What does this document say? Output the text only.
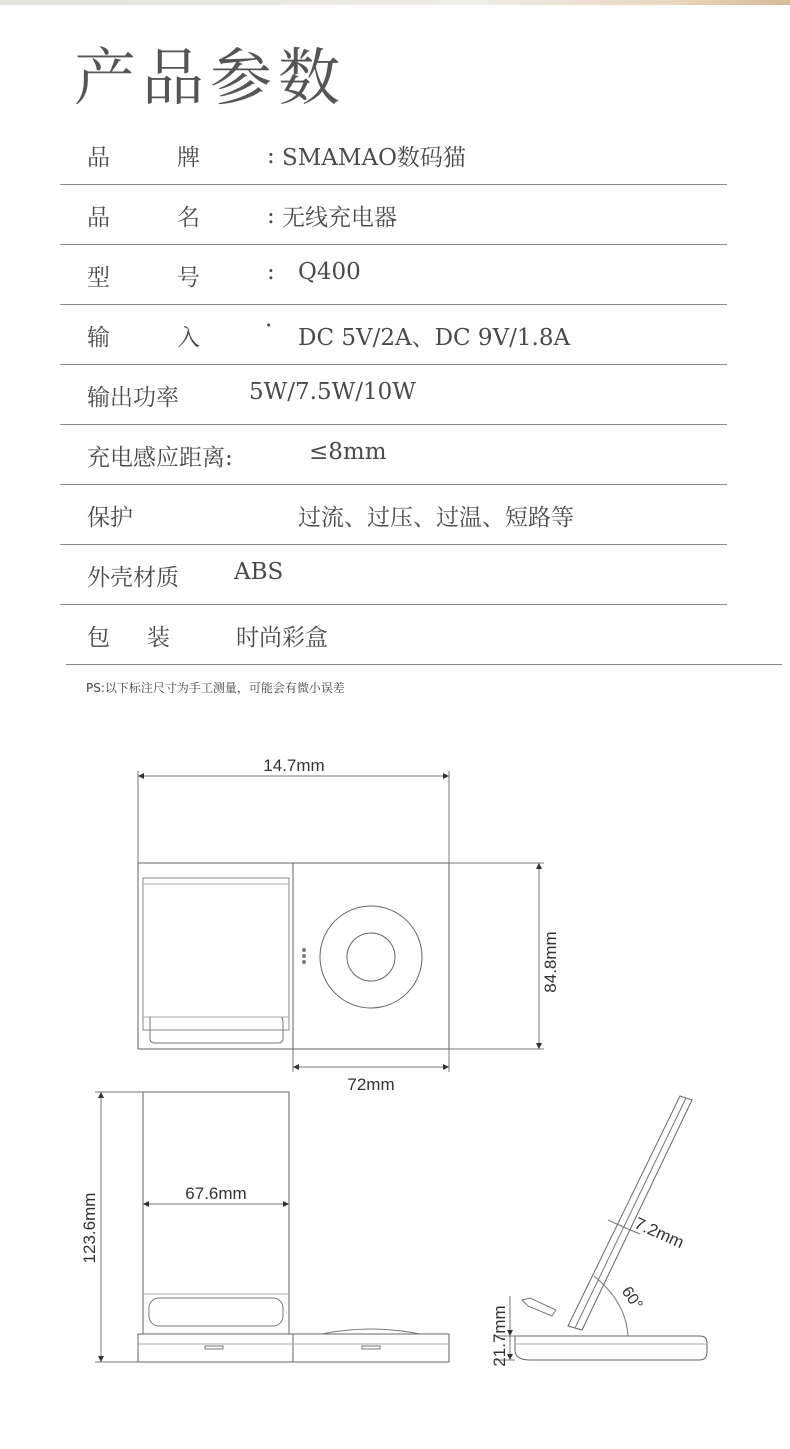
产品参数
品	牌	: SMAMAO数码猫
品	名	: 无线充电器
型	号	: Q400
输	入	· DC 5V/2A、DC 9V/1.8A
输出功率	5W/7.5W/10W
充电感应距离:	≤8mm
保护	过流、过压、过温、短路等
外壳材质 ABS
包 装	时尚彩盒
PS:以下标注尺寸为手工测量，可能会有微小误差
14.7mm
84.8mm
72mm
67.6mm
123.6mm	7.2mm
60°
21.7mm
